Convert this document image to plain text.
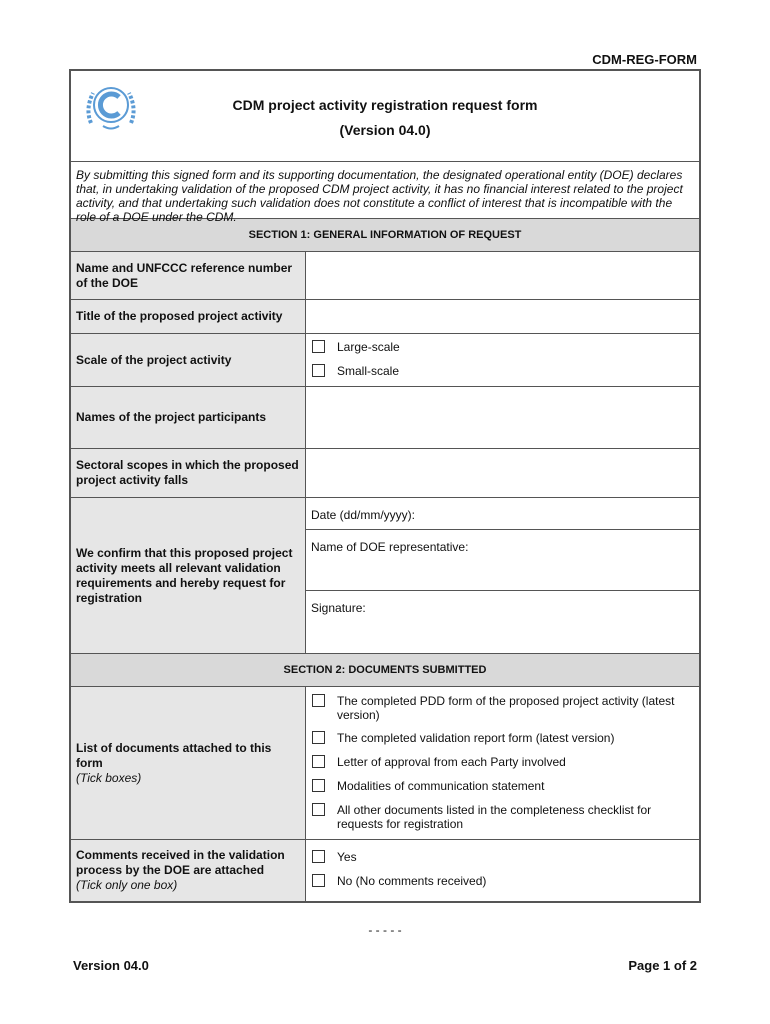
CDM-REG-FORM
CDM project activity registration request form
(Version 04.0)
By submitting this signed form and its supporting documentation, the designated operational entity (DOE) declares that, in undertaking validation of the proposed CDM project activity, it has no financial interest related to the project activity, and that undertaking such validation does not constitute a conflict of interest that is incompatible with the role of a DOE under the CDM.
SECTION 1: GENERAL INFORMATION OF REQUEST
Name and UNFCCC reference number of the DOE
Title of the proposed project activity
Scale of the project activity
Large-scale
Small-scale
Names of the project participants
Sectoral scopes in which the proposed project activity falls
We confirm that this proposed project activity meets all relevant validation requirements and hereby request for registration
Date (dd/mm/yyyy):
Name of DOE representative:
Signature:
SECTION 2: DOCUMENTS SUBMITTED
List of documents attached to this form
(Tick boxes)
The completed PDD form of the proposed project activity (latest version)
The completed validation report form (latest version)
Letter of approval from each Party involved
Modalities of communication statement
All other documents listed in the completeness checklist for requests for registration
Comments received in the validation process by the DOE are attached
(Tick only one box)
Yes
No (No comments received)
- - - - -
Version 04.0	Page 1 of 2
